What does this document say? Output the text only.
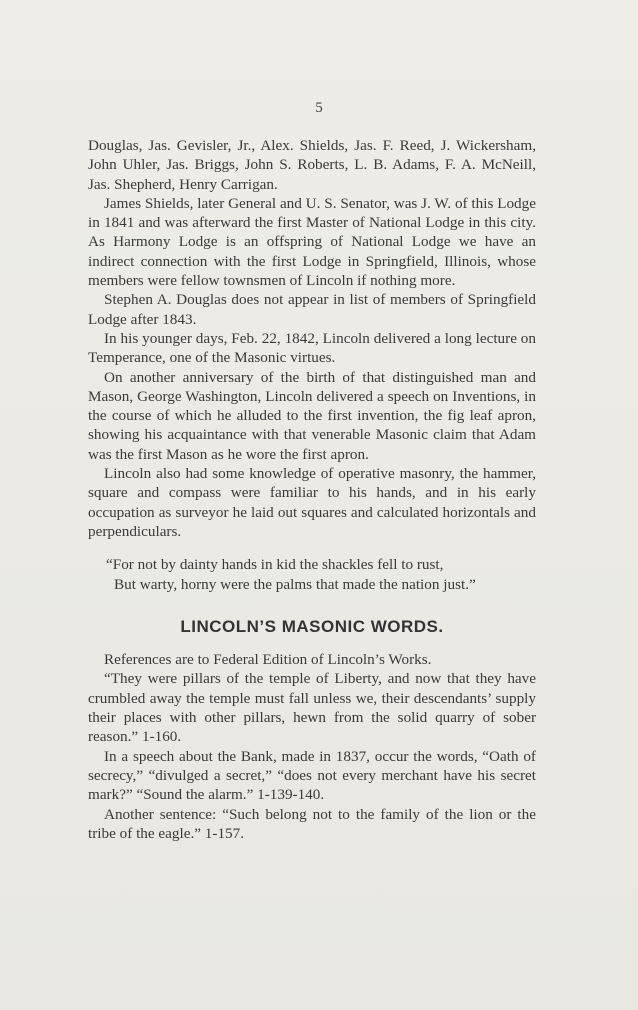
5

Douglas, Jas. Gevisler, Jr., Alex. Shields, Jas. F. Reed, J. Wickersham, John Uhler, Jas. Briggs, John S. Roberts, L. B. Adams, F. A. McNeill, Jas. Shepherd, Henry Carrigan.

James Shields, later General and U. S. Senator, was J. W. of this Lodge in 1841 and was afterward the first Master of National Lodge in this city. As Harmony Lodge is an offspring of National Lodge we have an indirect connection with the first Lodge in Springfield, Illinois, whose members were fellow townsmen of Lincoln if nothing more.

Stephen A. Douglas does not appear in list of members of Springfield Lodge after 1843.

In his younger days, Feb. 22, 1842, Lincoln delivered a long lecture on Temperance, one of the Masonic virtues.

On another anniversary of the birth of that distinguished man and Mason, George Washington, Lincoln delivered a speech on Inventions, in the course of which he alluded to the first invention, the fig leaf apron, showing his acquaintance with that venerable Masonic claim that Adam was the first Mason as he wore the first apron.

Lincoln also had some knowledge of operative masonry, the hammer, square and compass were familiar to his hands, and in his early occupation as surveyor he laid out squares and calculated horizontals and perpendiculars.

“For not by dainty hands in kid the shackles fell to rust,
But warty, horny were the palms that made the nation just.”
LINCOLN’S MASONIC WORDS.

References are to Federal Edition of Lincoln’s Works.

“They were pillars of the temple of Liberty, and now that they have crumbled away the temple must fall unless we, their descendants’ supply their places with other pillars, hewn from the solid quarry of sober reason.” 1-160.

In a speech about the Bank, made in 1837, occur the words, “Oath of secrecy,” “divulged a secret,” “does not every merchant have his secret mark?” “Sound the alarm.” 1-139-140.

Another sentence: “Such belong not to the family of the lion or the tribe of the eagle.” 1-157.
